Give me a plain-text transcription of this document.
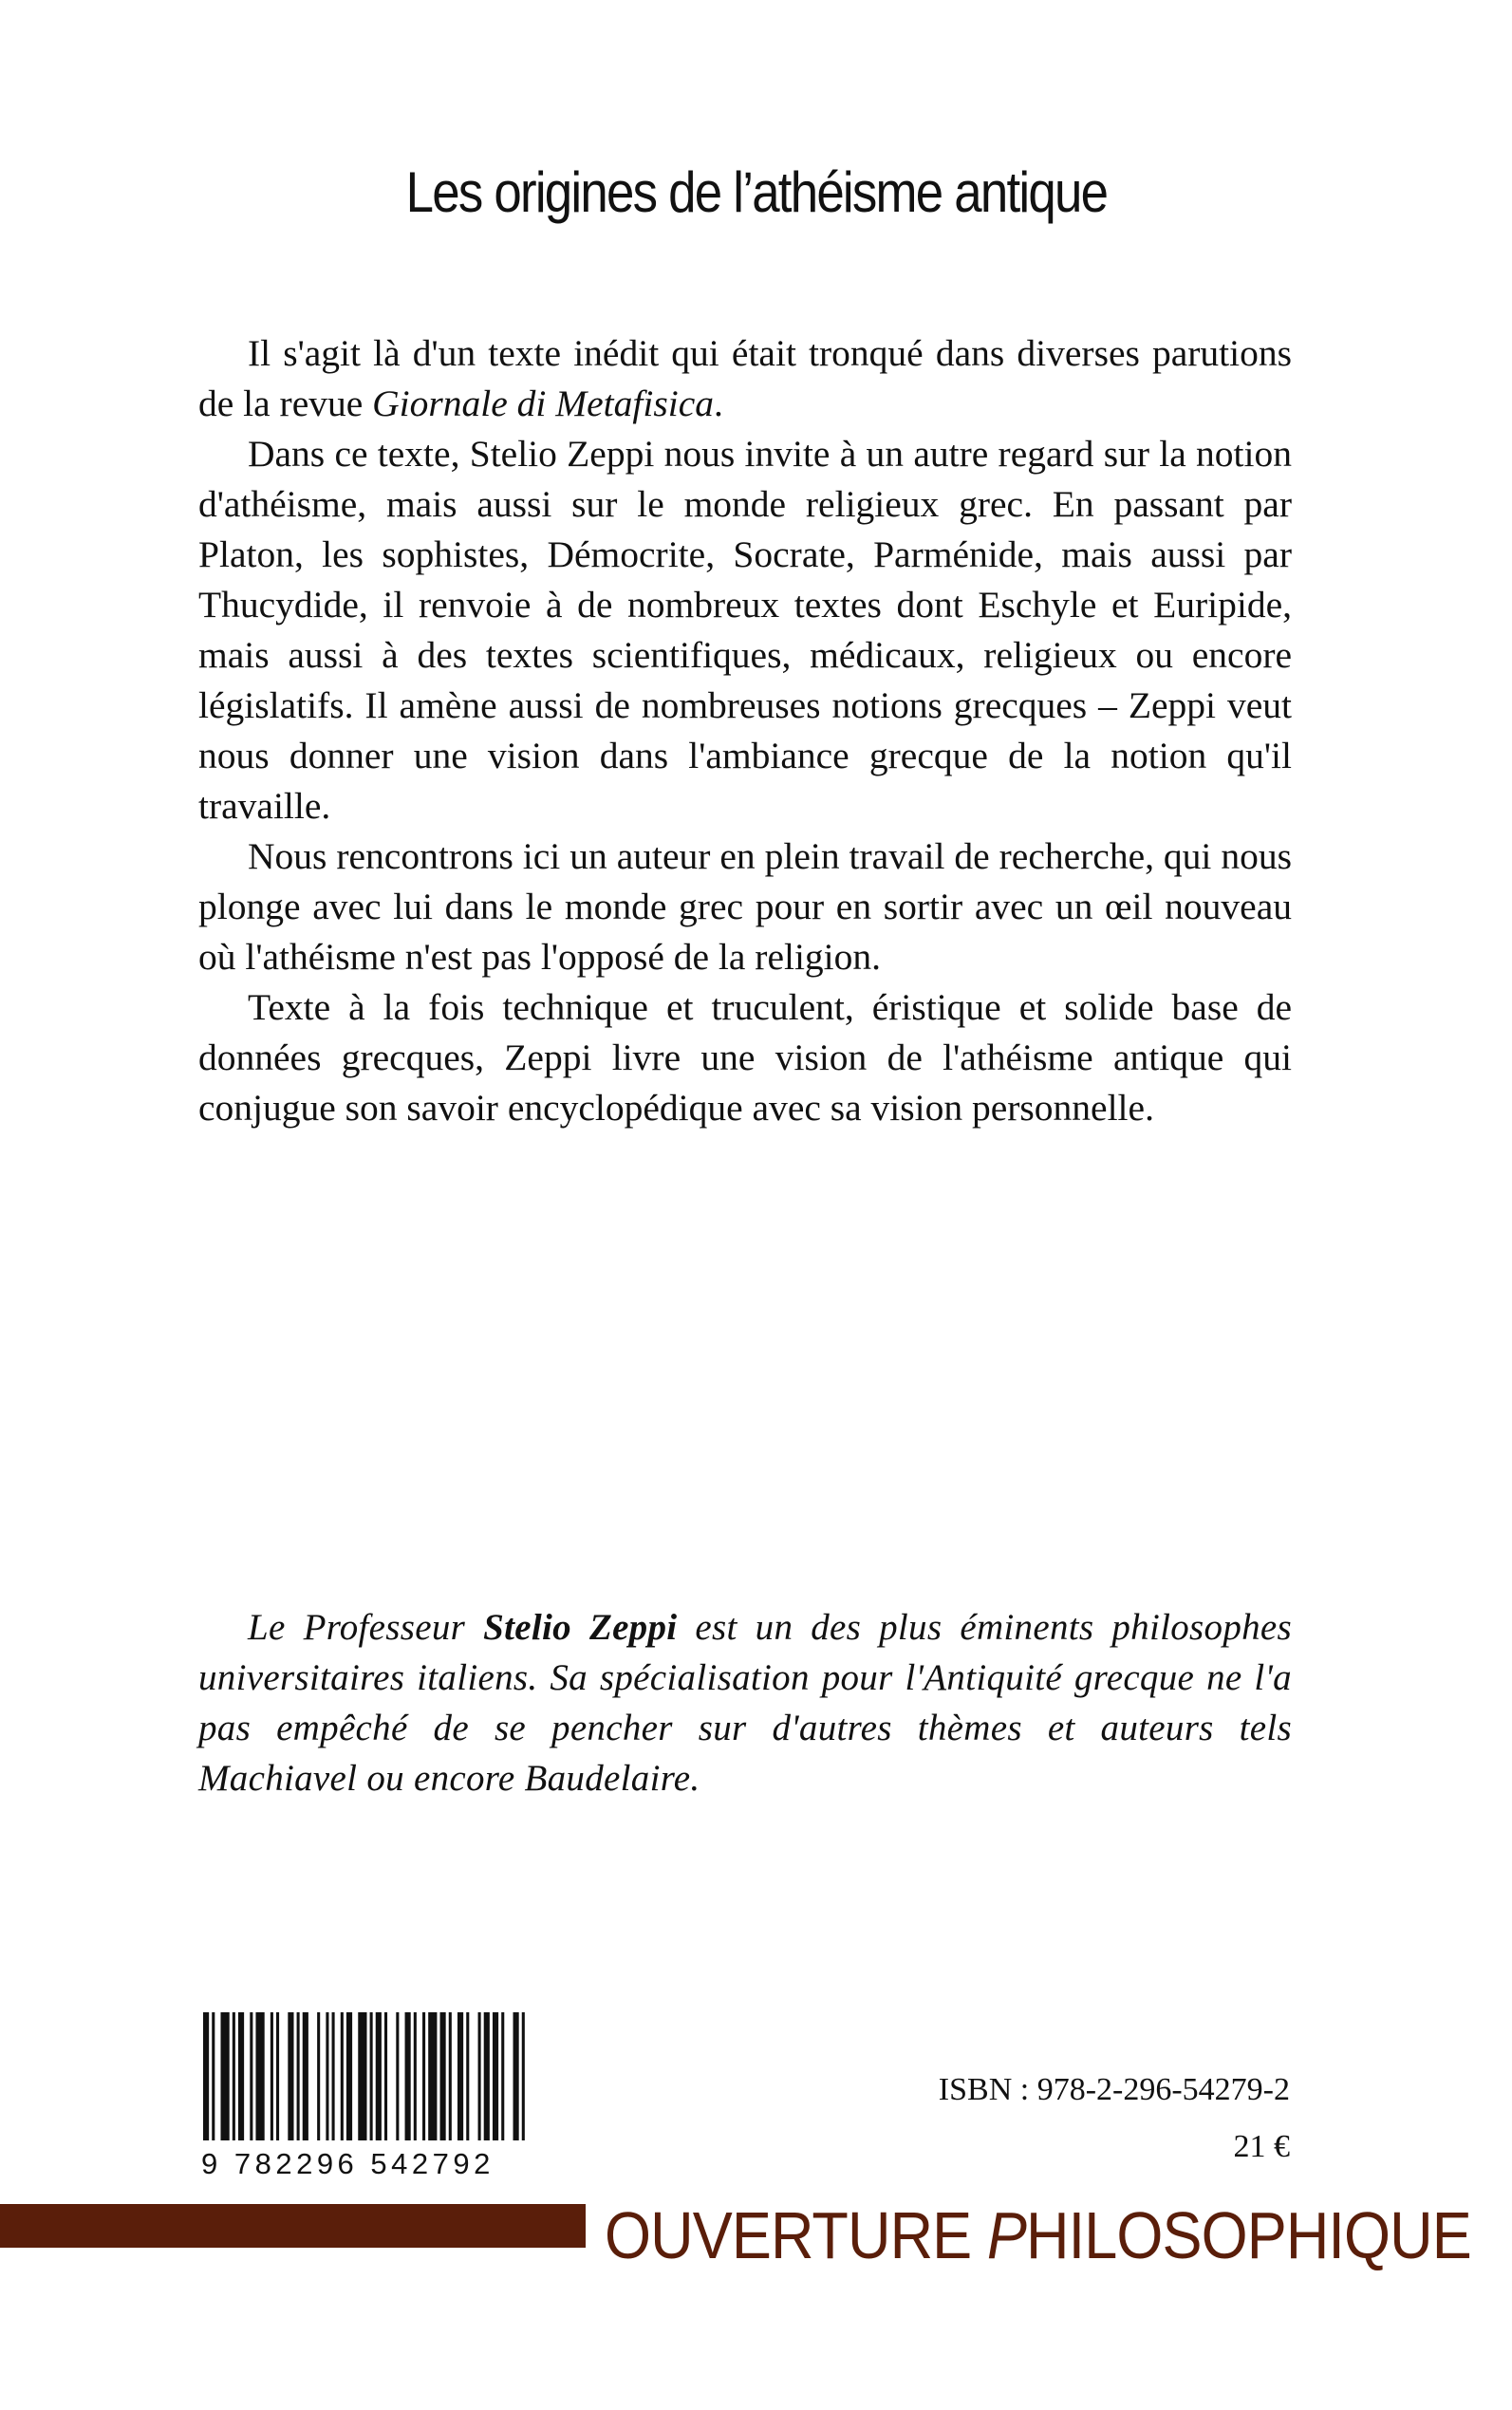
Les origines de l’athéisme antique

Il s'agit là d'un texte inédit qui était tronqué dans diverses parutions de la revue Giornale di Metafisica.

Dans ce texte, Stelio Zeppi nous invite à un autre regard sur la notion d'athéisme, mais aussi sur le monde religieux grec. En passant par Platon, les sophistes, Démocrite, Socrate, Parménide, mais aussi par Thucydide, il renvoie à de nombreux textes dont Eschyle et Euripide, mais aussi à des textes scientifiques, médicaux, religieux ou encore législatifs. Il amène aussi de nombreuses notions grecques – Zeppi veut nous donner une vision dans l'ambiance grecque de la notion qu'il travaille.

Nous rencontrons ici un auteur en plein travail de recherche, qui nous plonge avec lui dans le monde grec pour en sortir avec un œil nouveau où l'athéisme n'est pas l'opposé de la religion.

Texte à la fois technique et truculent, éristique et solide base de données grecques, Zeppi livre une vision de l'athéisme antique qui conjugue son savoir encyclopédique avec sa vision personnelle.

Le Professeur Stelio Zeppi est un des plus éminents philosophes universitaires italiens. Sa spécialisation pour l'Antiquité grecque ne l'a pas empêché de se pencher sur d'autres thèmes et auteurs tels Machiavel ou encore Baudelaire.
9 782296 542792
ISBN : 978-2-296-54279-2
21 €
OUVERTURE PHILOSOPHIQUE
